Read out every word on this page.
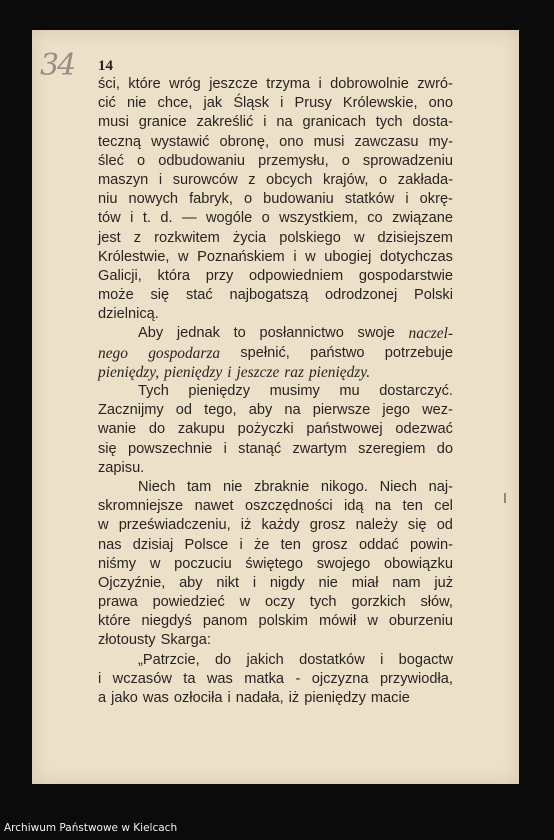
34 14
ści, które wróg jeszcze trzyma i dobrowolnie zwró-
cić nie chce, jak Śląsk i Prusy Królewskie, ono
musi granice zakreślić i na granicach tych dosta-
teczną wystawić obronę, ono musi zawczasu my-
śleć o odbudowaniu przemysłu, o sprowadzeniu
maszyn i surowców z obcych krajów, o zakłada-
niu nowych fabryk, o budowaniu statków i okrę-
tów i t. d. — wogóle o wszystkiem, co związane
jest z rozkwitem życia polskiego w dzisiejszem
Królestwie, w Poznańskiem i w ubogiej dotychczas
Galicji, która przy odpowiedniem gospodarstwie
może się stać najbogatszą odrodzonej Polski
dzielnicą.
Aby jednak to posłannictwo swoje naczel-
nego gospodarza spełnić, państwo potrzebuje
pieniędzy, pieniędzy i jeszcze raz pieniędzy.
Tych pieniędzy musimy mu dostarczyć.
Zacznijmy od tego, aby na pierwsze jego wez-
wanie do zakupu pożyczki państwowej odezwać
się powszechnie i stanąć zwartym szeregiem do
zapisu.
Niech tam nie zbraknie nikogo. Niech naj-
skromniejsze nawet oszczędności idą na ten cel
w przeświadczeniu, iż każdy grosz należy się od
nas dzisiaj Polsce i że ten grosz oddać powin-
niśmy w poczuciu świętego swojego obowiązku
Ojczyźnie, aby nikt i nigdy nie miał nam już
prawa powiedzieć w oczy tych gorzkich słów,
które niegdyś panom polskim mówił w oburzeniu
złotousty Skarga:
„Patrzcie, do jakich dostatków i bogactw
i wczasów ta was matka - ojczyzna przywiodła,
a jako was ozłociła i nadała, iż pieniędzy macie
Archiwum Państwowe w Kielcach
